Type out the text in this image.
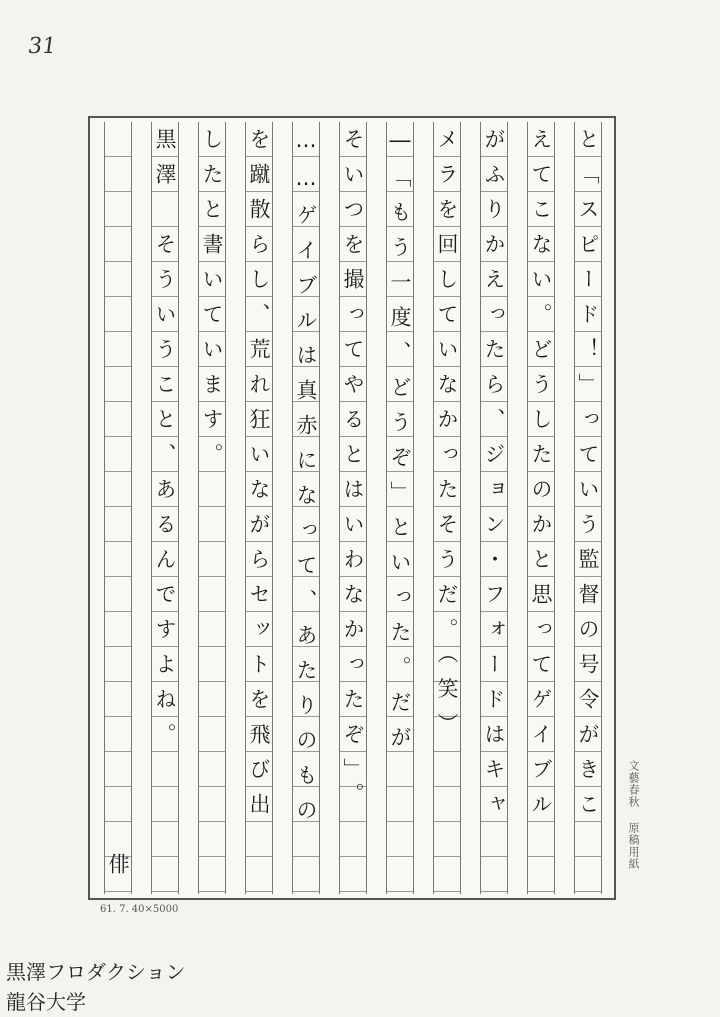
31
と「スピード！」っていう監督の号令がきこ
えてこない。どうしたのかと思ってゲイブル
がふりかえったら、ジョン・フォードはキャ
メラを回していなかったそうだ。（笑）
―「もう一度、どうぞ」といった。だが
そいつを撮ってやるとはいわなかったぞ」。
……ゲイブルは真赤になって、あたりのもの
を蹴散らし、荒れ狂いながらセットを飛び出
したと書いています。
黒澤　そういうこと、あるんですよね。
俳
文藝春秋 原稿用紙
61. 7. 40×5000
黒澤フロダクション
龍谷大学
